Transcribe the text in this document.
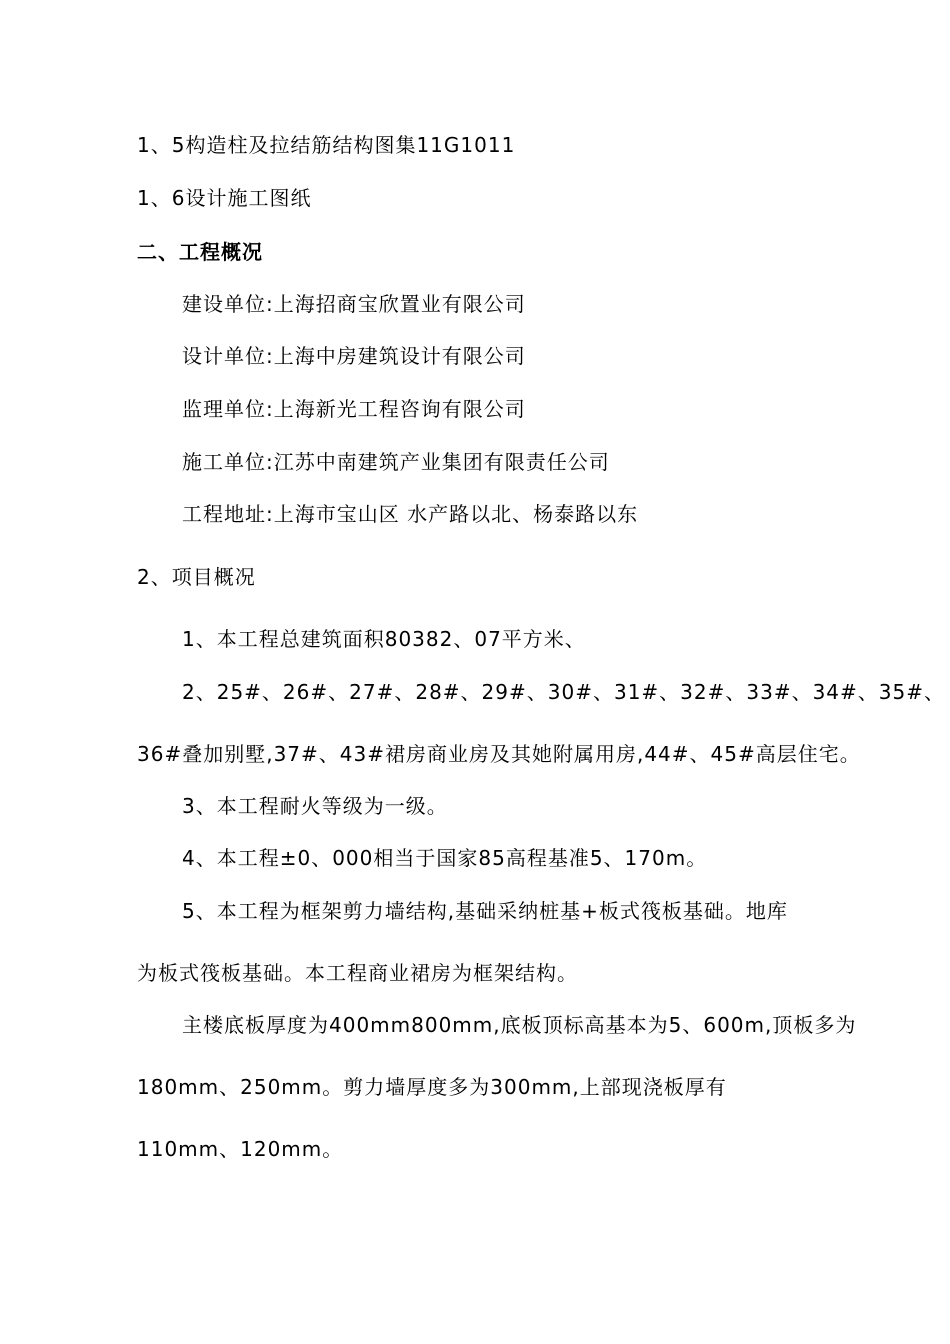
1、5构造柱及拉结筋结构图集11G1011
1、6设计施工图纸
二、工程概况
建设单位:上海招商宝欣置业有限公司
设计单位:上海中房建筑设计有限公司
监理单位:上海新光工程咨询有限公司
施工单位:江苏中南建筑产业集团有限责任公司
工程地址:上海市宝山区 水产路以北、杨泰路以东
2、项目概况
1、本工程总建筑面积80382、07平方米、
2、25#、26#、27#、28#、29#、30#、31#、32#、33#、34#、35#、
36#叠加别墅,37#、43#裙房商业房及其她附属用房,44#、45#高层住宅。
3、本工程耐火等级为一级。
4、本工程±0、000相当于国家85高程基准5、170m。
5、本工程为框架剪力墙结构,基础采纳桩基+板式筏板基础。地库
为板式筏板基础。本工程商业裙房为框架结构。
主楼底板厚度为400mm800mm,底板顶标高基本为5、600m,顶板多为
180mm、250mm。剪力墙厚度多为300mm,上部现浇板厚有
110mm、120mm。
